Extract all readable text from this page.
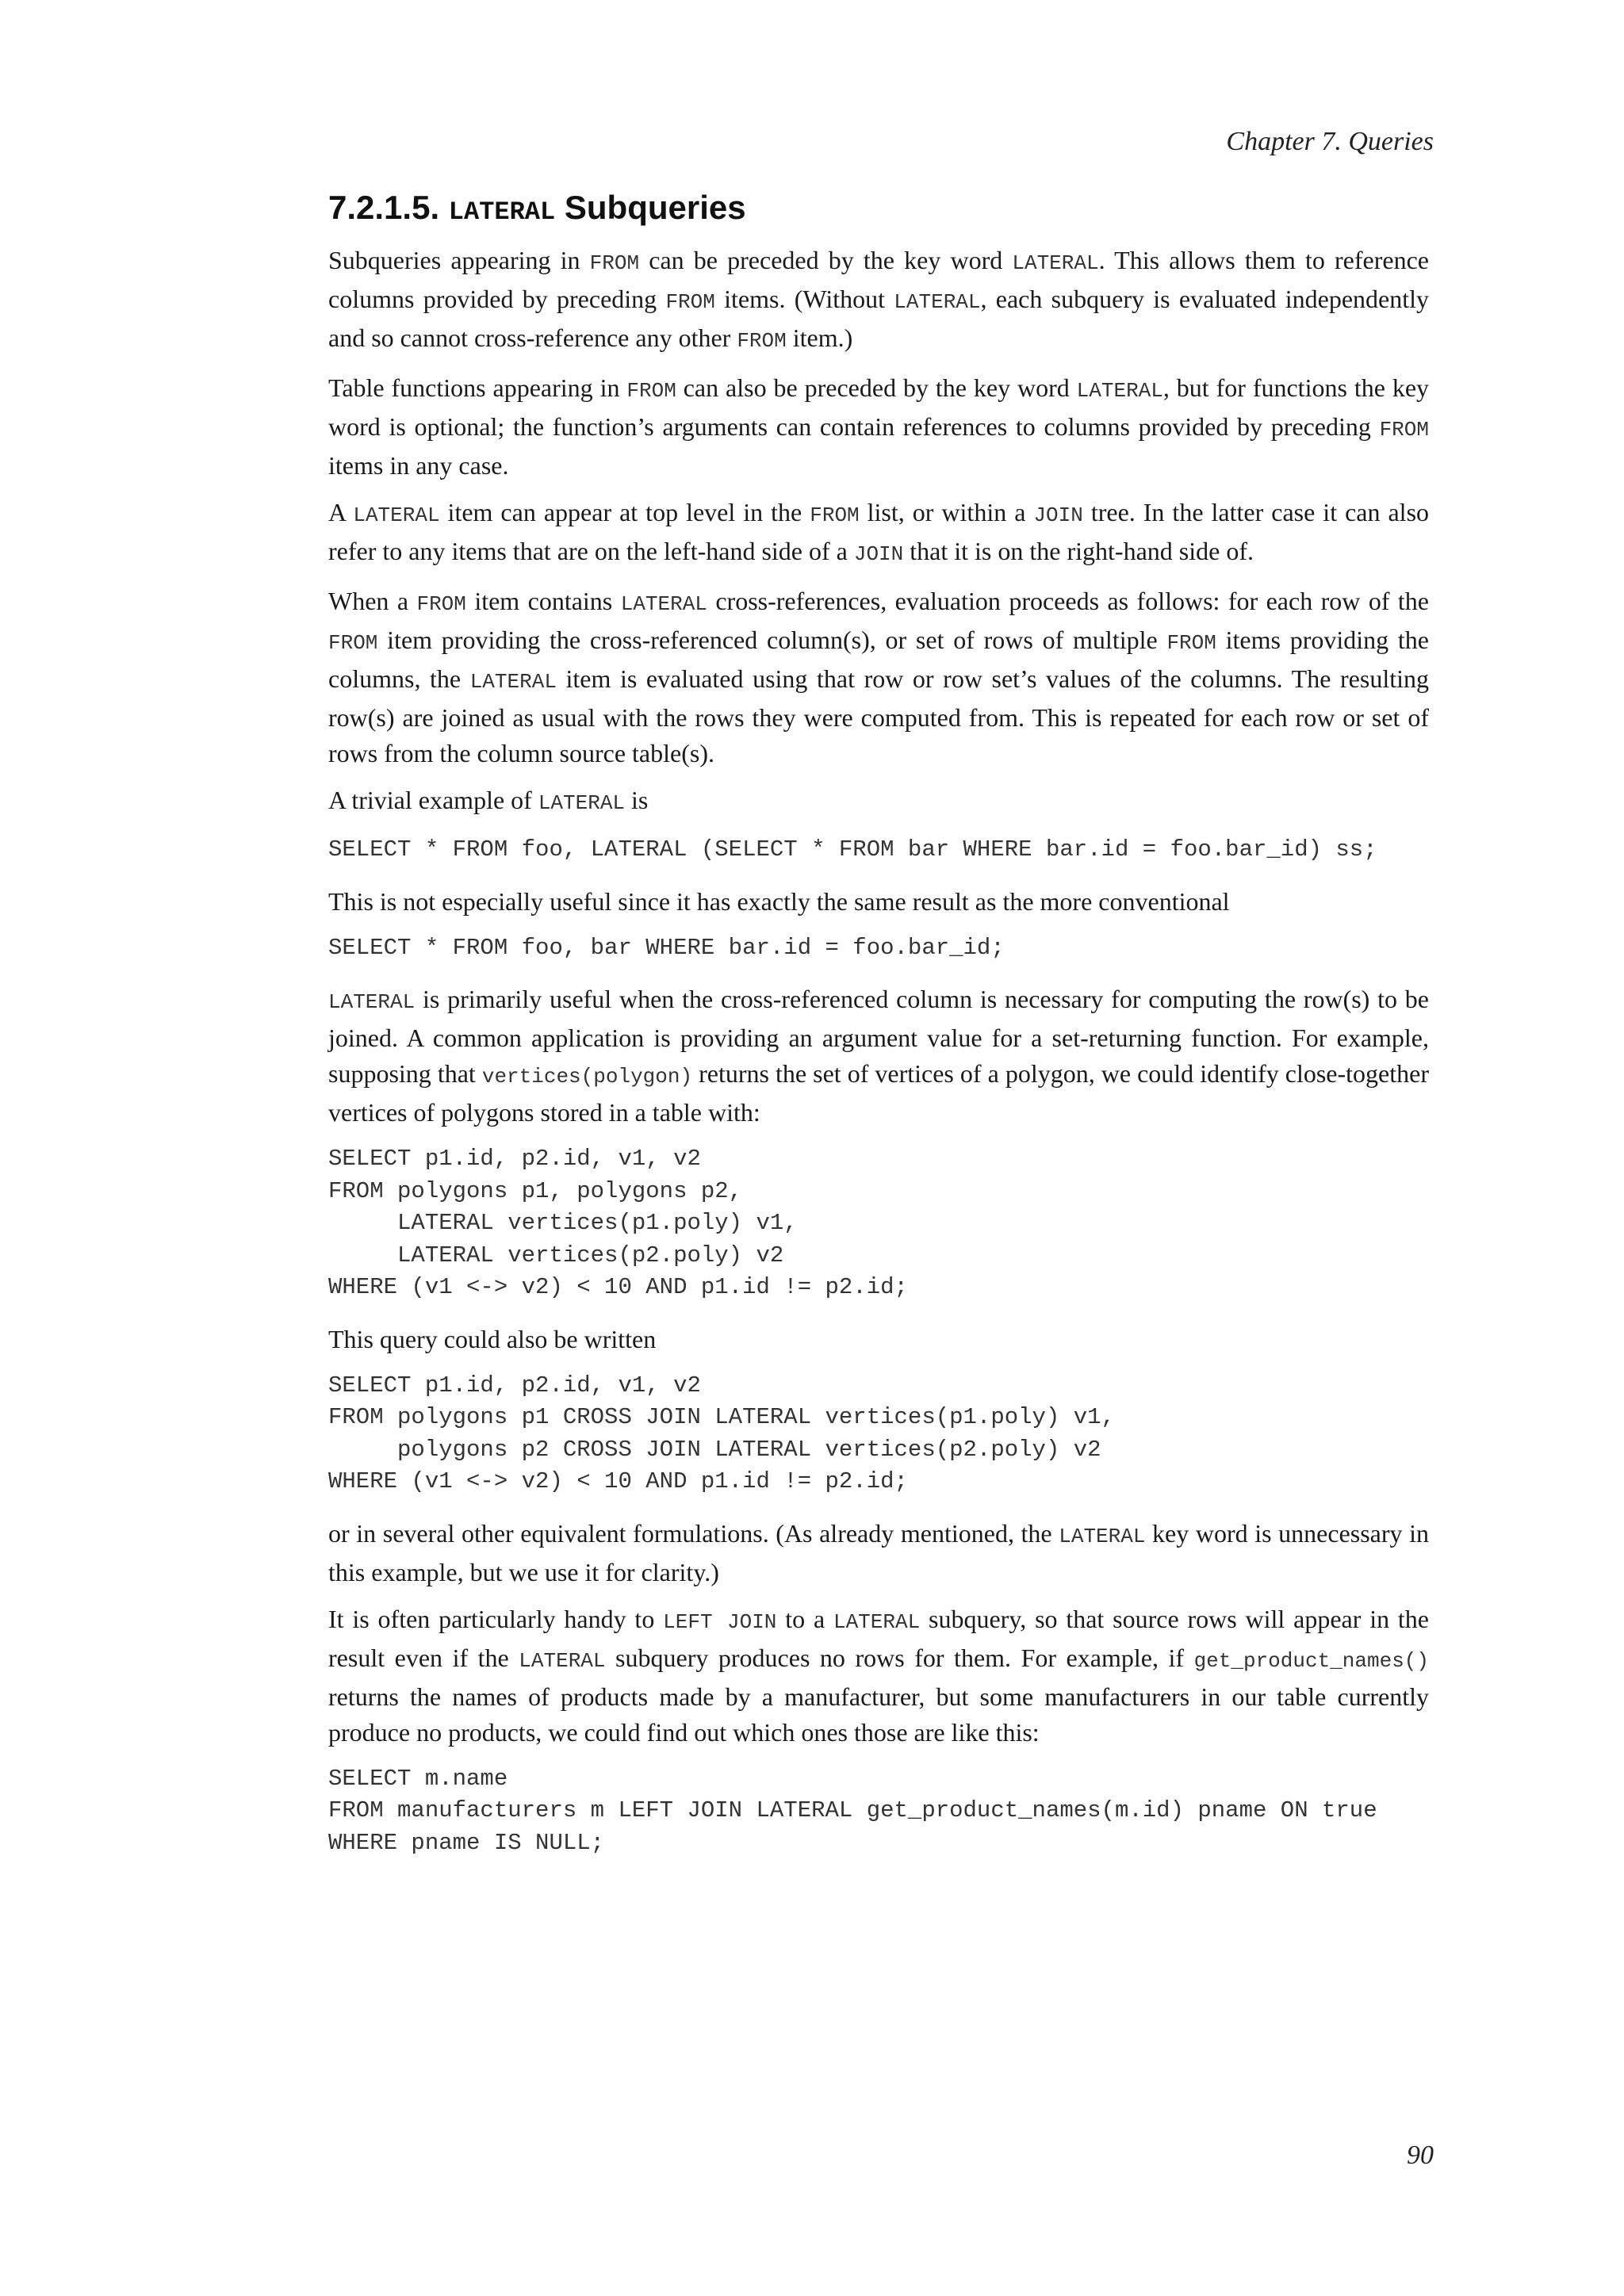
Chapter 7. Queries
7.2.1.5. LATERAL Subqueries

Subqueries appearing in FROM can be preceded by the key word LATERAL. This allows them to reference columns provided by preceding FROM items. (Without LATERAL, each subquery is evaluated independently and so cannot cross-reference any other FROM item.)

Table functions appearing in FROM can also be preceded by the key word LATERAL, but for functions the key word is optional; the function’s arguments can contain references to columns provided by preceding FROM items in any case.

A LATERAL item can appear at top level in the FROM list, or within a JOIN tree. In the latter case it can also refer to any items that are on the left-hand side of a JOIN that it is on the right-hand side of.

When a FROM item contains LATERAL cross-references, evaluation proceeds as follows: for each row of the FROM item providing the cross-referenced column(s), or set of rows of multiple FROM items providing the columns, the LATERAL item is evaluated using that row or row set’s values of the columns. The resulting row(s) are joined as usual with the rows they were computed from. This is repeated for each row or set of rows from the column source table(s).

A trivial example of LATERAL is

SELECT * FROM foo, LATERAL (SELECT * FROM bar WHERE bar.id = foo.bar_id) ss;

This is not especially useful since it has exactly the same result as the more conventional

SELECT * FROM foo, bar WHERE bar.id = foo.bar_id;

LATERAL is primarily useful when the cross-referenced column is necessary for computing the row(s) to be joined. A common application is providing an argument value for a set-returning function. For example, supposing that vertices(polygon) returns the set of vertices of a polygon, we could identify close-together vertices of polygons stored in a table with:

SELECT p1.id, p2.id, v1, v2
FROM polygons p1, polygons p2,
LATERAL vertices(p1.poly) v1,
LATERAL vertices(p2.poly) v2
WHERE (v1 <-> v2) < 10 AND p1.id != p2.id;

This query could also be written

SELECT p1.id, p2.id, v1, v2
FROM polygons p1 CROSS JOIN LATERAL vertices(p1.poly) v1,
polygons p2 CROSS JOIN LATERAL vertices(p2.poly) v2
WHERE (v1 <-> v2) < 10 AND p1.id != p2.id;

or in several other equivalent formulations. (As already mentioned, the LATERAL key word is unnecessary in this example, but we use it for clarity.)

It is often particularly handy to LEFT JOIN to a LATERAL subquery, so that source rows will appear in the result even if the LATERAL subquery produces no rows for them. For example, if get_product_names() returns the names of products made by a manufacturer, but some manufacturers in our table currently produce no products, we could find out which ones those are like this:

SELECT m.name
FROM manufacturers m LEFT JOIN LATERAL get_product_names(m.id) pname ON true
WHERE pname IS NULL;
90
